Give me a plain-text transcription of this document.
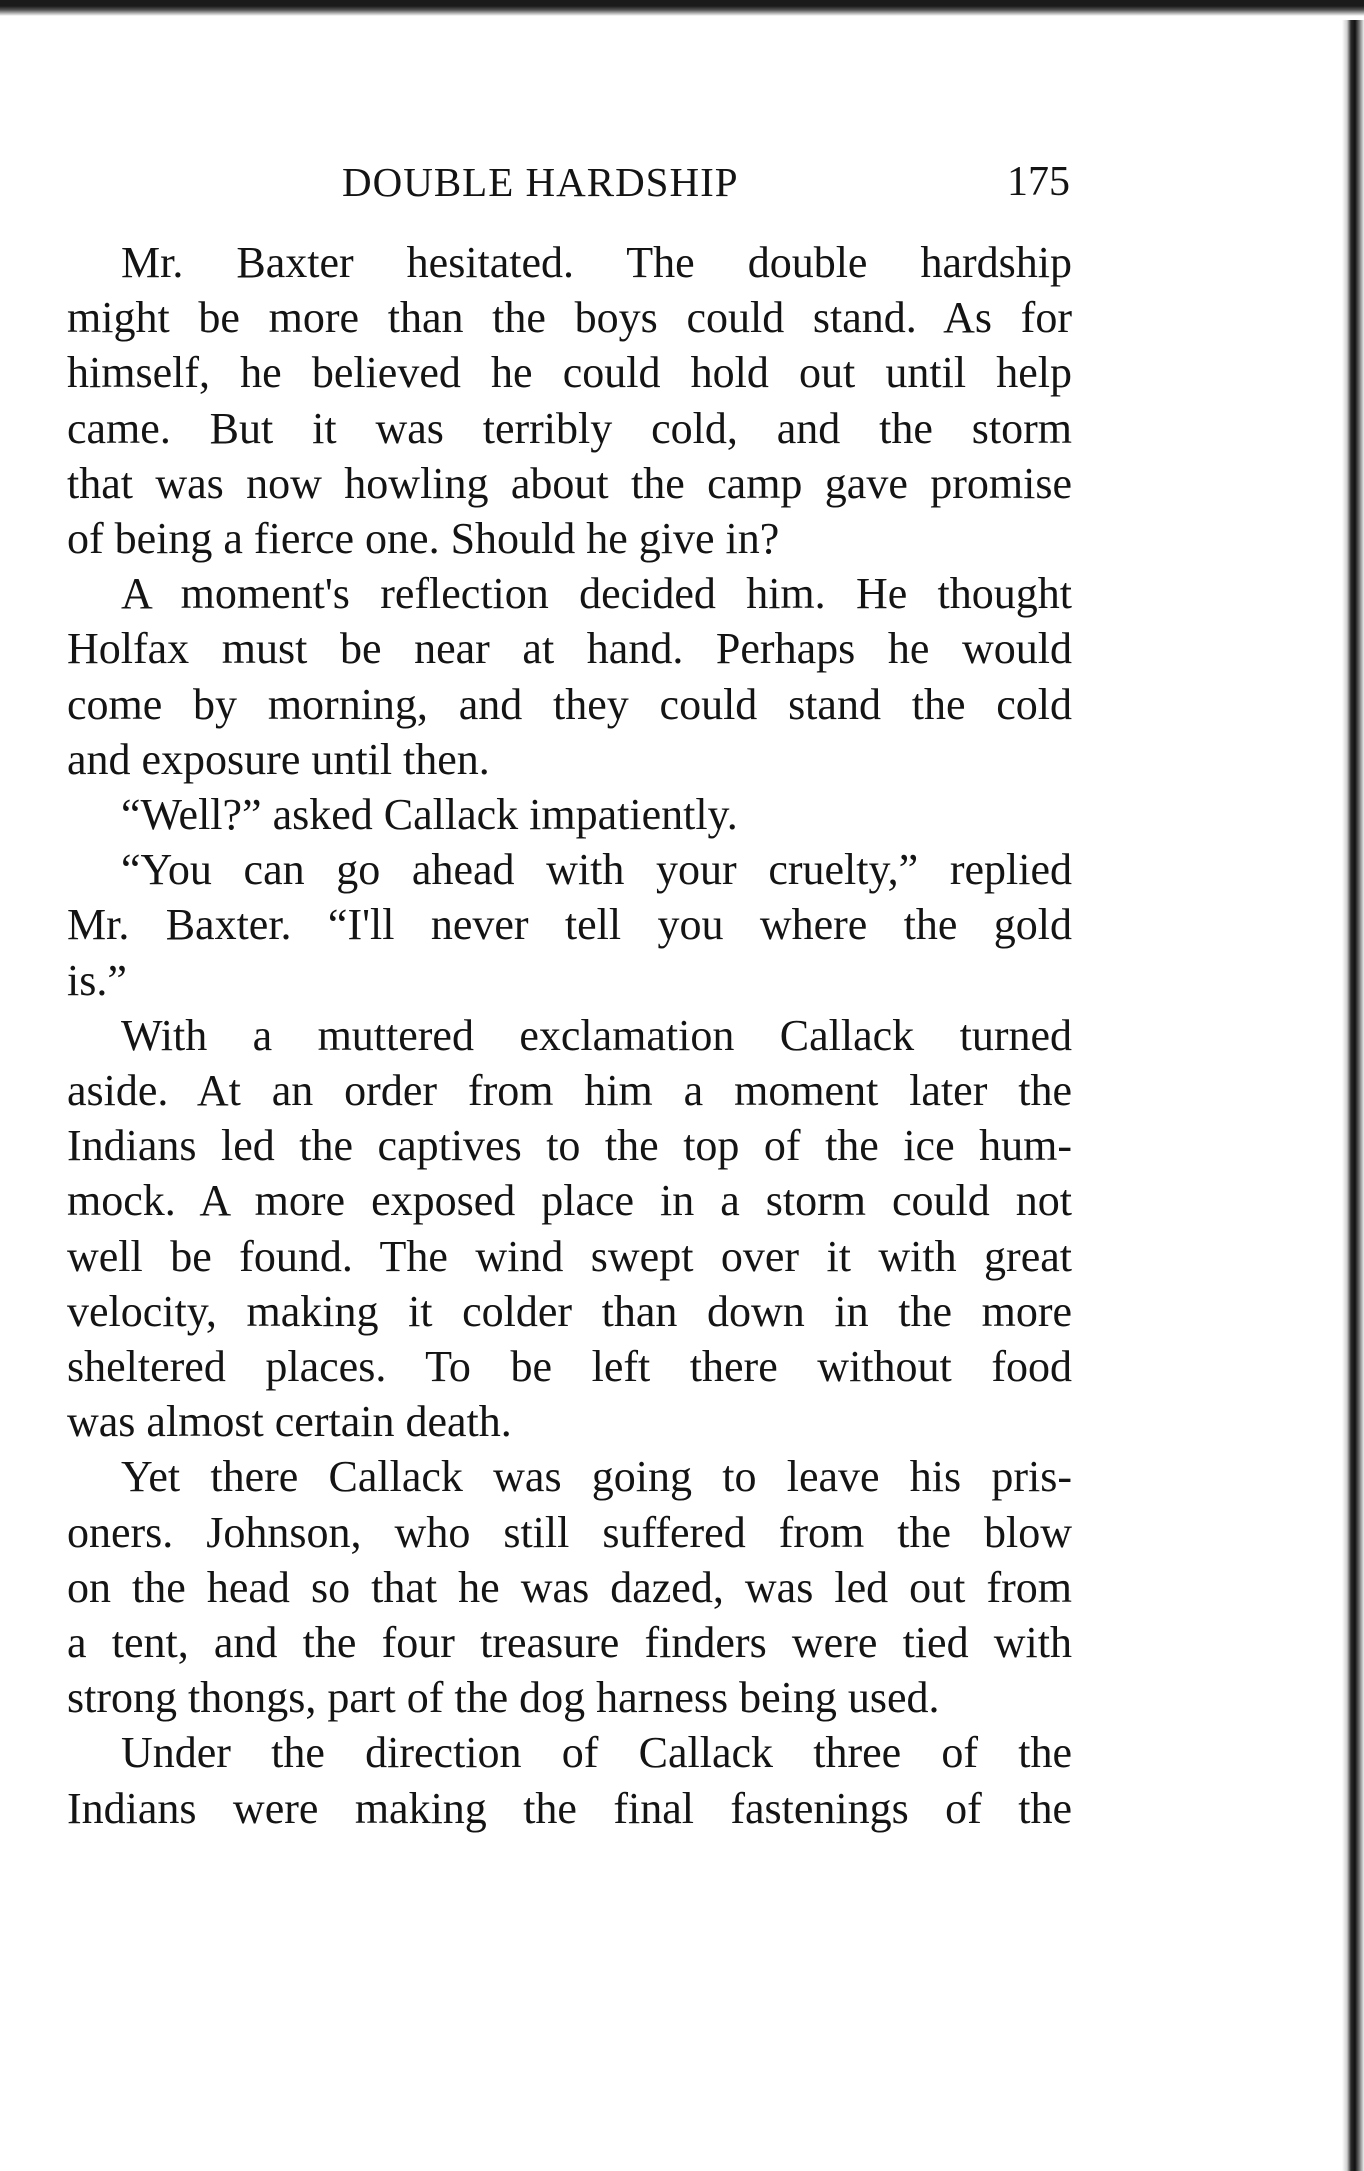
DOUBLE HARDSHIP	175

Mr. Baxter hesitated. The double hardship
might be more than the boys could stand. As for
himself, he believed he could hold out until help
came. But it was terribly cold, and the storm
that was now howling about the camp gave promise
of being a fierce one. Should he give in?

A moment's reflection decided him. He thought
Holfax must be near at hand. Perhaps he would
come by morning, and they could stand the cold
and exposure until then.

“Well?” asked Callack impatiently.

“You can go ahead with your cruelty,” replied
Mr. Baxter. “I'll never tell you where the gold
is.”

With a muttered exclamation Callack turned
aside. At an order from him a moment later the
Indians led the captives to the top of the ice hum-
mock. A more exposed place in a storm could not
well be found. The wind swept over it with great
velocity, making it colder than down in the more
sheltered places. To be left there without food
was almost certain death.

Yet there Callack was going to leave his pris-
oners. Johnson, who still suffered from the blow
on the head so that he was dazed, was led out from
a tent, and the four treasure finders were tied with
strong thongs, part of the dog harness being used.

Under the direction of Callack three of the
Indians were making the final fastenings of the
